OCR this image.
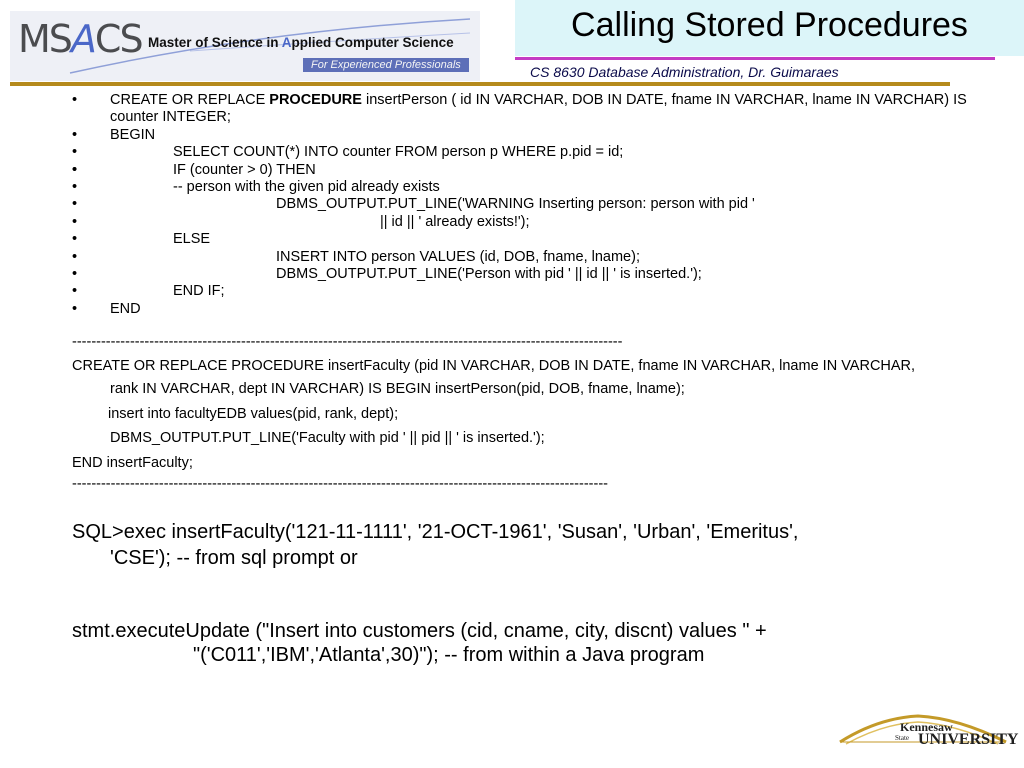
MSACS Master of Science in Applied Computer Science
For Experienced Professionals
Calling Stored Procedures
CS 8630 Database Administration, Dr. Guimaraes
• CREATE OR REPLACE PROCEDURE insertPerson ( id IN VARCHAR, DOB IN DATE, fname IN VARCHAR, lname IN VARCHAR) IS counter INTEGER;
• BEGIN
• SELECT COUNT(*) INTO counter FROM person p WHERE p.pid = id;
• IF (counter > 0) THEN
• -- person with the given pid already exists
• DBMS_OUTPUT.PUT_LINE('WARNING Inserting person: person with pid '
• || id || ' already exists!');
• ELSE
• INSERT INTO person VALUES (id, DOB, fname, lname);
• DBMS_OUTPUT.PUT_LINE('Person with pid ' || id || ' is inserted.');
• END IF;
• END
------------------------------------------------------------------------------------------------------------------
CREATE OR REPLACE PROCEDURE insertFaculty (pid IN VARCHAR, DOB IN DATE, fname IN VARCHAR, lname IN VARCHAR,
rank IN VARCHAR, dept IN VARCHAR) IS BEGIN insertPerson(pid, DOB, fname, lname);
insert into facultyEDB values(pid, rank, dept);
DBMS_OUTPUT.PUT_LINE('Faculty with pid ' || pid || ' is inserted.');
END insertFaculty;
---------------------------------------------------------------------------------------------------------------
SQL>exec insertFaculty('121-11-1111', '21-OCT-1961', 'Susan', 'Urban', 'Emeritus',
'CSE'); -- from sql prompt or
stmt.executeUpdate ("Insert into customers (cid, cname, city, discnt) values " +
"('C011','IBM','Atlanta',30)"); -- from within a Java program
Kennesaw
State UNIVERSITY
